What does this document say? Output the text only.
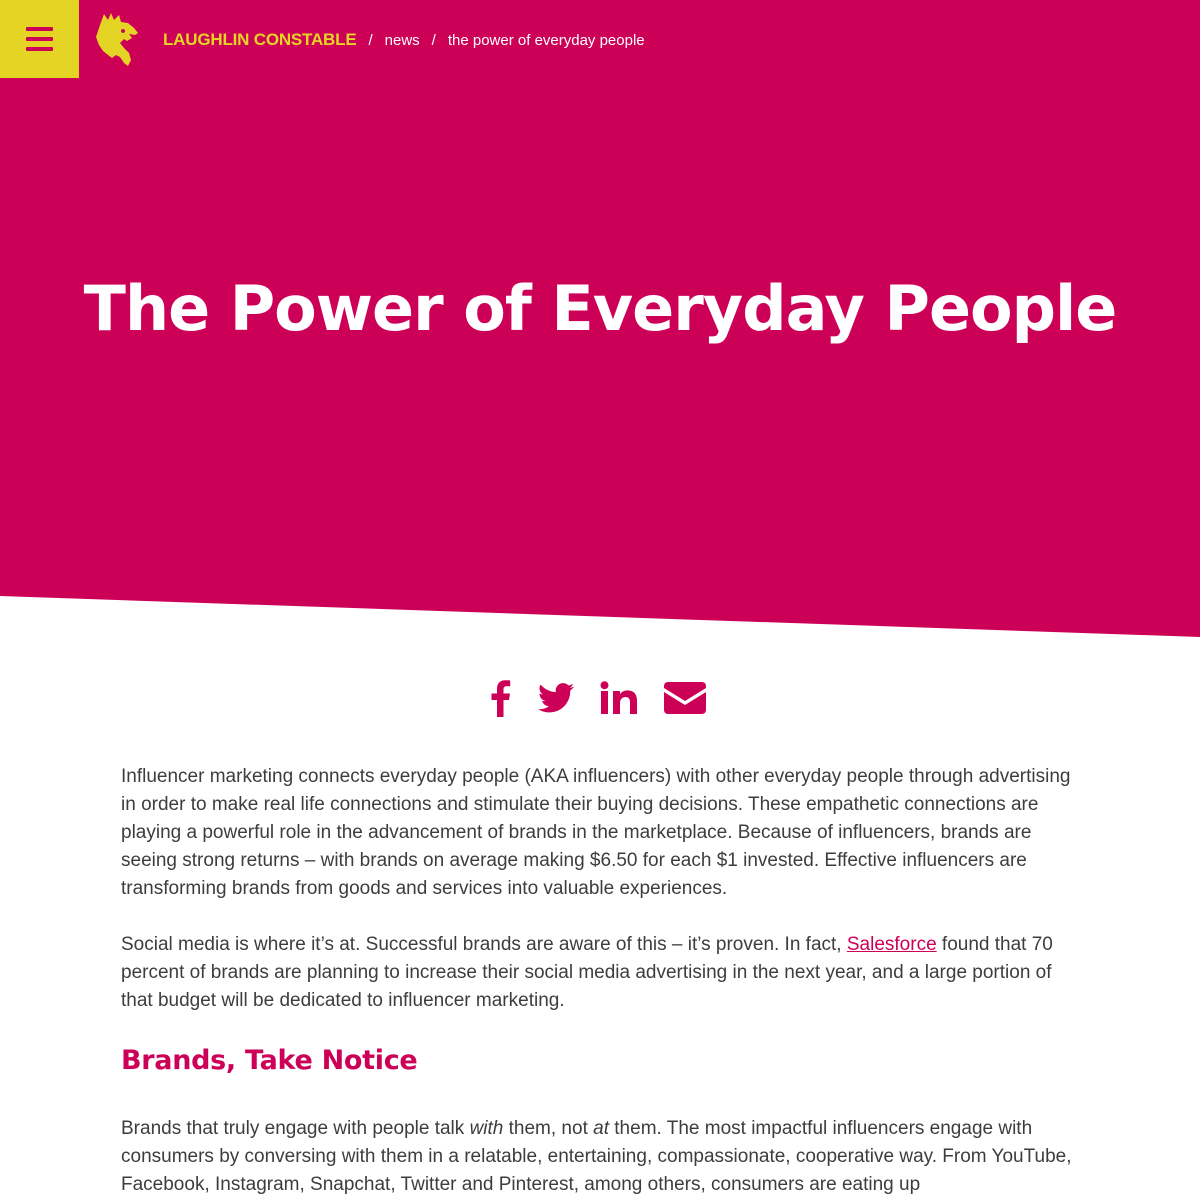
LAUGHLIN CONSTABLE / news / the power of everyday people
The Power of Everyday People

Influencer marketing connects everyday people (AKA influencers) with other everyday people through advertising in order to make real life connections and stimulate their buying decisions. These empathetic connections are playing a powerful role in the advancement of brands in the marketplace. Because of influencers, brands are seeing strong returns – with brands on average making $6.50 for each $1 invested. Effective influencers are transforming brands from goods and services into valuable experiences.

Social media is where it’s at. Successful brands are aware of this – it’s proven. In fact, Salesforce found that 70 percent of brands are planning to increase their social media advertising in the next year, and a large portion of that budget will be dedicated to influencer marketing.

Brands, Take Notice

Brands that truly engage with people talk with them, not at them. The most impactful influencers engage with consumers by conversing with them in a relatable, entertaining, compassionate, cooperative way. From YouTube, Facebook, Instagram, Snapchat, Twitter and Pinterest, among others, consumers are eating up
